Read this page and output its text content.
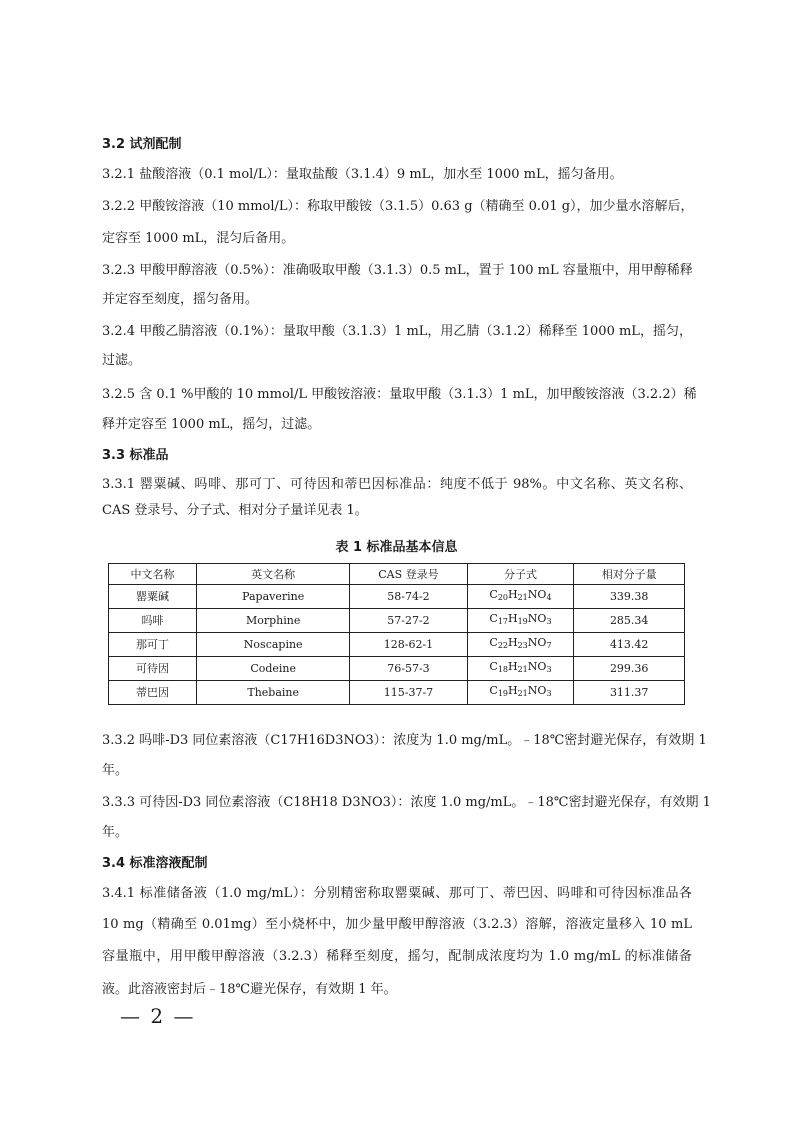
3.2 试剂配制
3.2.1 盐酸溶液（0.1 mol/L）：量取盐酸（3.1.4）9 mL，加水至 1000 mL，摇匀备用。
3.2.2 甲酸铵溶液（10 mmol/L）：称取甲酸铵（3.1.5）0.63 g（精确至 0.01 g），加少量水溶解后，
定容至 1000 mL，混匀后备用。
3.2.3 甲酸甲醇溶液（0.5%）：准确吸取甲酸（3.1.3）0.5 mL，置于 100 mL 容量瓶中，用甲醇稀释
并定容至刻度，摇匀备用。
3.2.4 甲酸乙腈溶液（0.1%）：量取甲酸（3.1.3）1 mL，用乙腈（3.1.2）稀释至 1000 mL，摇匀，
过滤。
3.2.5 含 0.1 %甲酸的 10 mmol/L 甲酸铵溶液：量取甲酸（3.1.3）1 mL，加甲酸铵溶液（3.2.2）稀
释并定容至 1000 mL，摇匀，过滤。
3.3 标准品
3.3.1 罂粟碱、吗啡、那可丁、可待因和蒂巴因标准品：纯度不低于 98%。中文名称、英文名称、
CAS 登录号、分子式、相对分子量详见表 1。
表 1 标准品基本信息
中文名称	英文名称	CAS 登录号	分子式	相对分子量
罂粟碱	Papaverine	58-74-2	$C_{20}H_{21}NO_4$	339.38
吗啡	Morphine	57-27-2	$C_{17}H_{19}NO_3$	285.34
那可丁	Noscapine	128-62-1	$C_{22}H_{23}NO_7$	413.42
可待因	Codeine	76-57-3	$C_{18}H_{21}NO_3$	299.36
蒂巴因	Thebaine	115-37-7	$C_{19}H_{21}NO_3$	311.37
3.3.2 吗啡-D3 同位素溶液（C17H16D3NO3）：浓度为 1.0 mg/mL。﹣18℃密封避光保存，有效期 1
年。
3.3.3 可待因-D3 同位素溶液（C18H18 D3NO3）：浓度 1.0 mg/mL。﹣18℃密封避光保存，有效期 1
年。
3.4 标准溶液配制
3.4.1 标准储备液（1.0 mg/mL）：分别精密称取罂粟碱、那可丁、蒂巴因、吗啡和可待因标准品各
10 mg（精确至 0.01mg）至小烧杯中，加少量甲酸甲醇溶液（3.2.3）溶解，溶液定量移入 10 mL
容量瓶中，用甲酸甲醇溶液（3.2.3）稀释至刻度，摇匀，配制成浓度均为 1.0 mg/mL 的标准储备
液。此溶液密封后﹣18℃避光保存，有效期 1 年。
— 2 —
